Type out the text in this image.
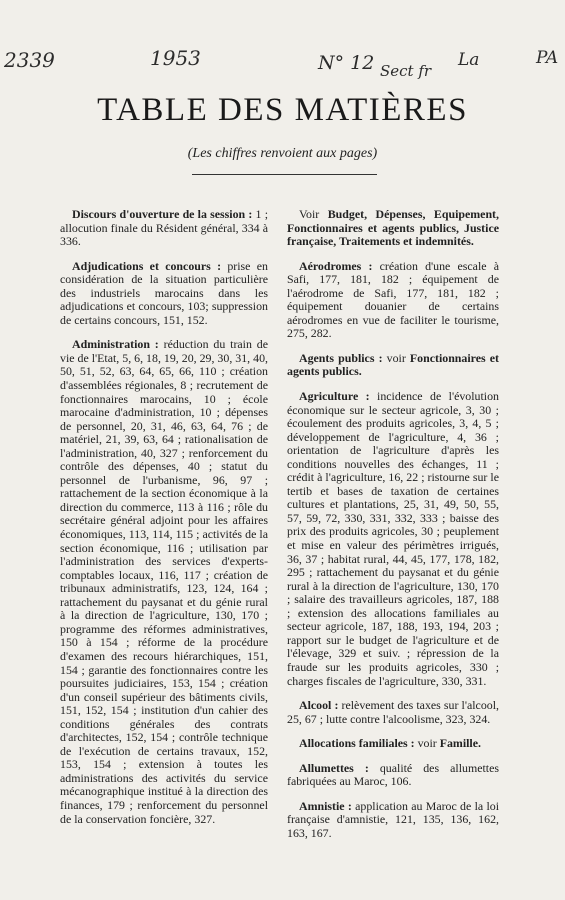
2339	1953	N° 12 Sect fr
La	PA
TABLE DES MATIÈRES
(Les chiffres renvoient aux pages)

Discours d'ouverture de la session : 1 ; allocution finale du Résident général, 334 à 336.

Adjudications et concours : prise en considération de la situation particulière des industriels marocains dans les adjudications et concours, 103; suppression de certains concours, 151, 152.

Administration : réduction du train de vie de l'Etat, 5, 6, 18, 19, 20, 29, 30, 31, 40, 50, 51, 52, 63, 64, 65, 66, 110 ; création d'assemblées régionales, 8 ; recrutement de fonctionnaires marocains, 10 ; école marocaine d'administration, 10 ; dépenses de personnel, 20, 31, 46, 63, 64, 76 ; de matériel, 21, 39, 63, 64 ; rationalisation de l'administration, 40, 327 ; renforcement du contrôle des dépenses, 40 ; statut du personnel de l'urbanisme, 96, 97 ; rattachement de la section économique à la direction du commerce, 113 à 116 ; rôle du secrétaire général adjoint pour les affaires économiques, 113, 114, 115 ; activités de la section économique, 116 ; utilisation par l'administration des services d'experts-comptables locaux, 116, 117 ; création de tribunaux administratifs, 123, 124, 164 ; rattachement du paysanat et du génie rural à la direction de l'agriculture, 130, 170 ; programme des réformes administratives, 150 à 154 ; réforme de la procédure d'examen des recours hiérarchiques, 151, 154 ; garantie des fonctionnaires contre les poursuites judiciaires, 153, 154 ; création d'un conseil supérieur des bâtiments civils, 151, 152, 154 ; institution d'un cahier des conditions générales des contrats d'architectes, 152, 154 ; contrôle technique de l'exécution de certains travaux, 152, 153, 154 ; extension à toutes les administrations des activités du service mécanographique institué à la direction des finances, 179 ; renforcement du personnel de la conservation foncière, 327.

Voir Budget, Dépenses, Equipement, Fonctionnaires et agents publics, Justice française, Traitements et indemnités.

Aérodromes : création d'une escale à Safi, 177, 181, 182 ; équipement de l'aérodrome de Safi, 177, 181, 182 ; équipement douanier de certains aérodromes en vue de faciliter le tourisme, 275, 282.

Agents publics : voir Fonctionnaires et agents publics.

Agriculture : incidence de l'évolution économique sur le secteur agricole, 3, 30 ; écoulement des produits agricoles, 3, 4, 5 ; développement de l'agriculture, 4, 36 ; orientation de l'agriculture d'après les conditions nouvelles des échanges, 11 ; crédit à l'agriculture, 16, 22 ; ristourne sur le tertib et bases de taxation de certaines cultures et plantations, 25, 31, 49, 50, 55, 57, 59, 72, 330, 331, 332, 333 ; baisse des prix des produits agricoles, 30 ; peuplement et mise en valeur des périmètres irrigués, 36, 37 ; habitat rural, 44, 45, 177, 178, 182, 295 ; rattachement du paysanat et du génie rural à la direction de l'agriculture, 130, 170 ; salaire des travailleurs agricoles, 187, 188 ; extension des allocations familiales au secteur agricole, 187, 188, 193, 194, 203 ; rapport sur le budget de l'agriculture et de l'élevage, 329 et suiv. ; répression de la fraude sur les produits agricoles, 330 ; charges fiscales de l'agriculture, 330, 331.

Alcool : relèvement des taxes sur l'alcool, 25, 67 ; lutte contre l'alcoolisme, 323, 324.

Allocations familiales : voir Famille.

Allumettes : qualité des allumettes fabriquées au Maroc, 106.

Amnistie : application au Maroc de la loi française d'amnistie, 121, 135, 136, 162, 163, 167.
